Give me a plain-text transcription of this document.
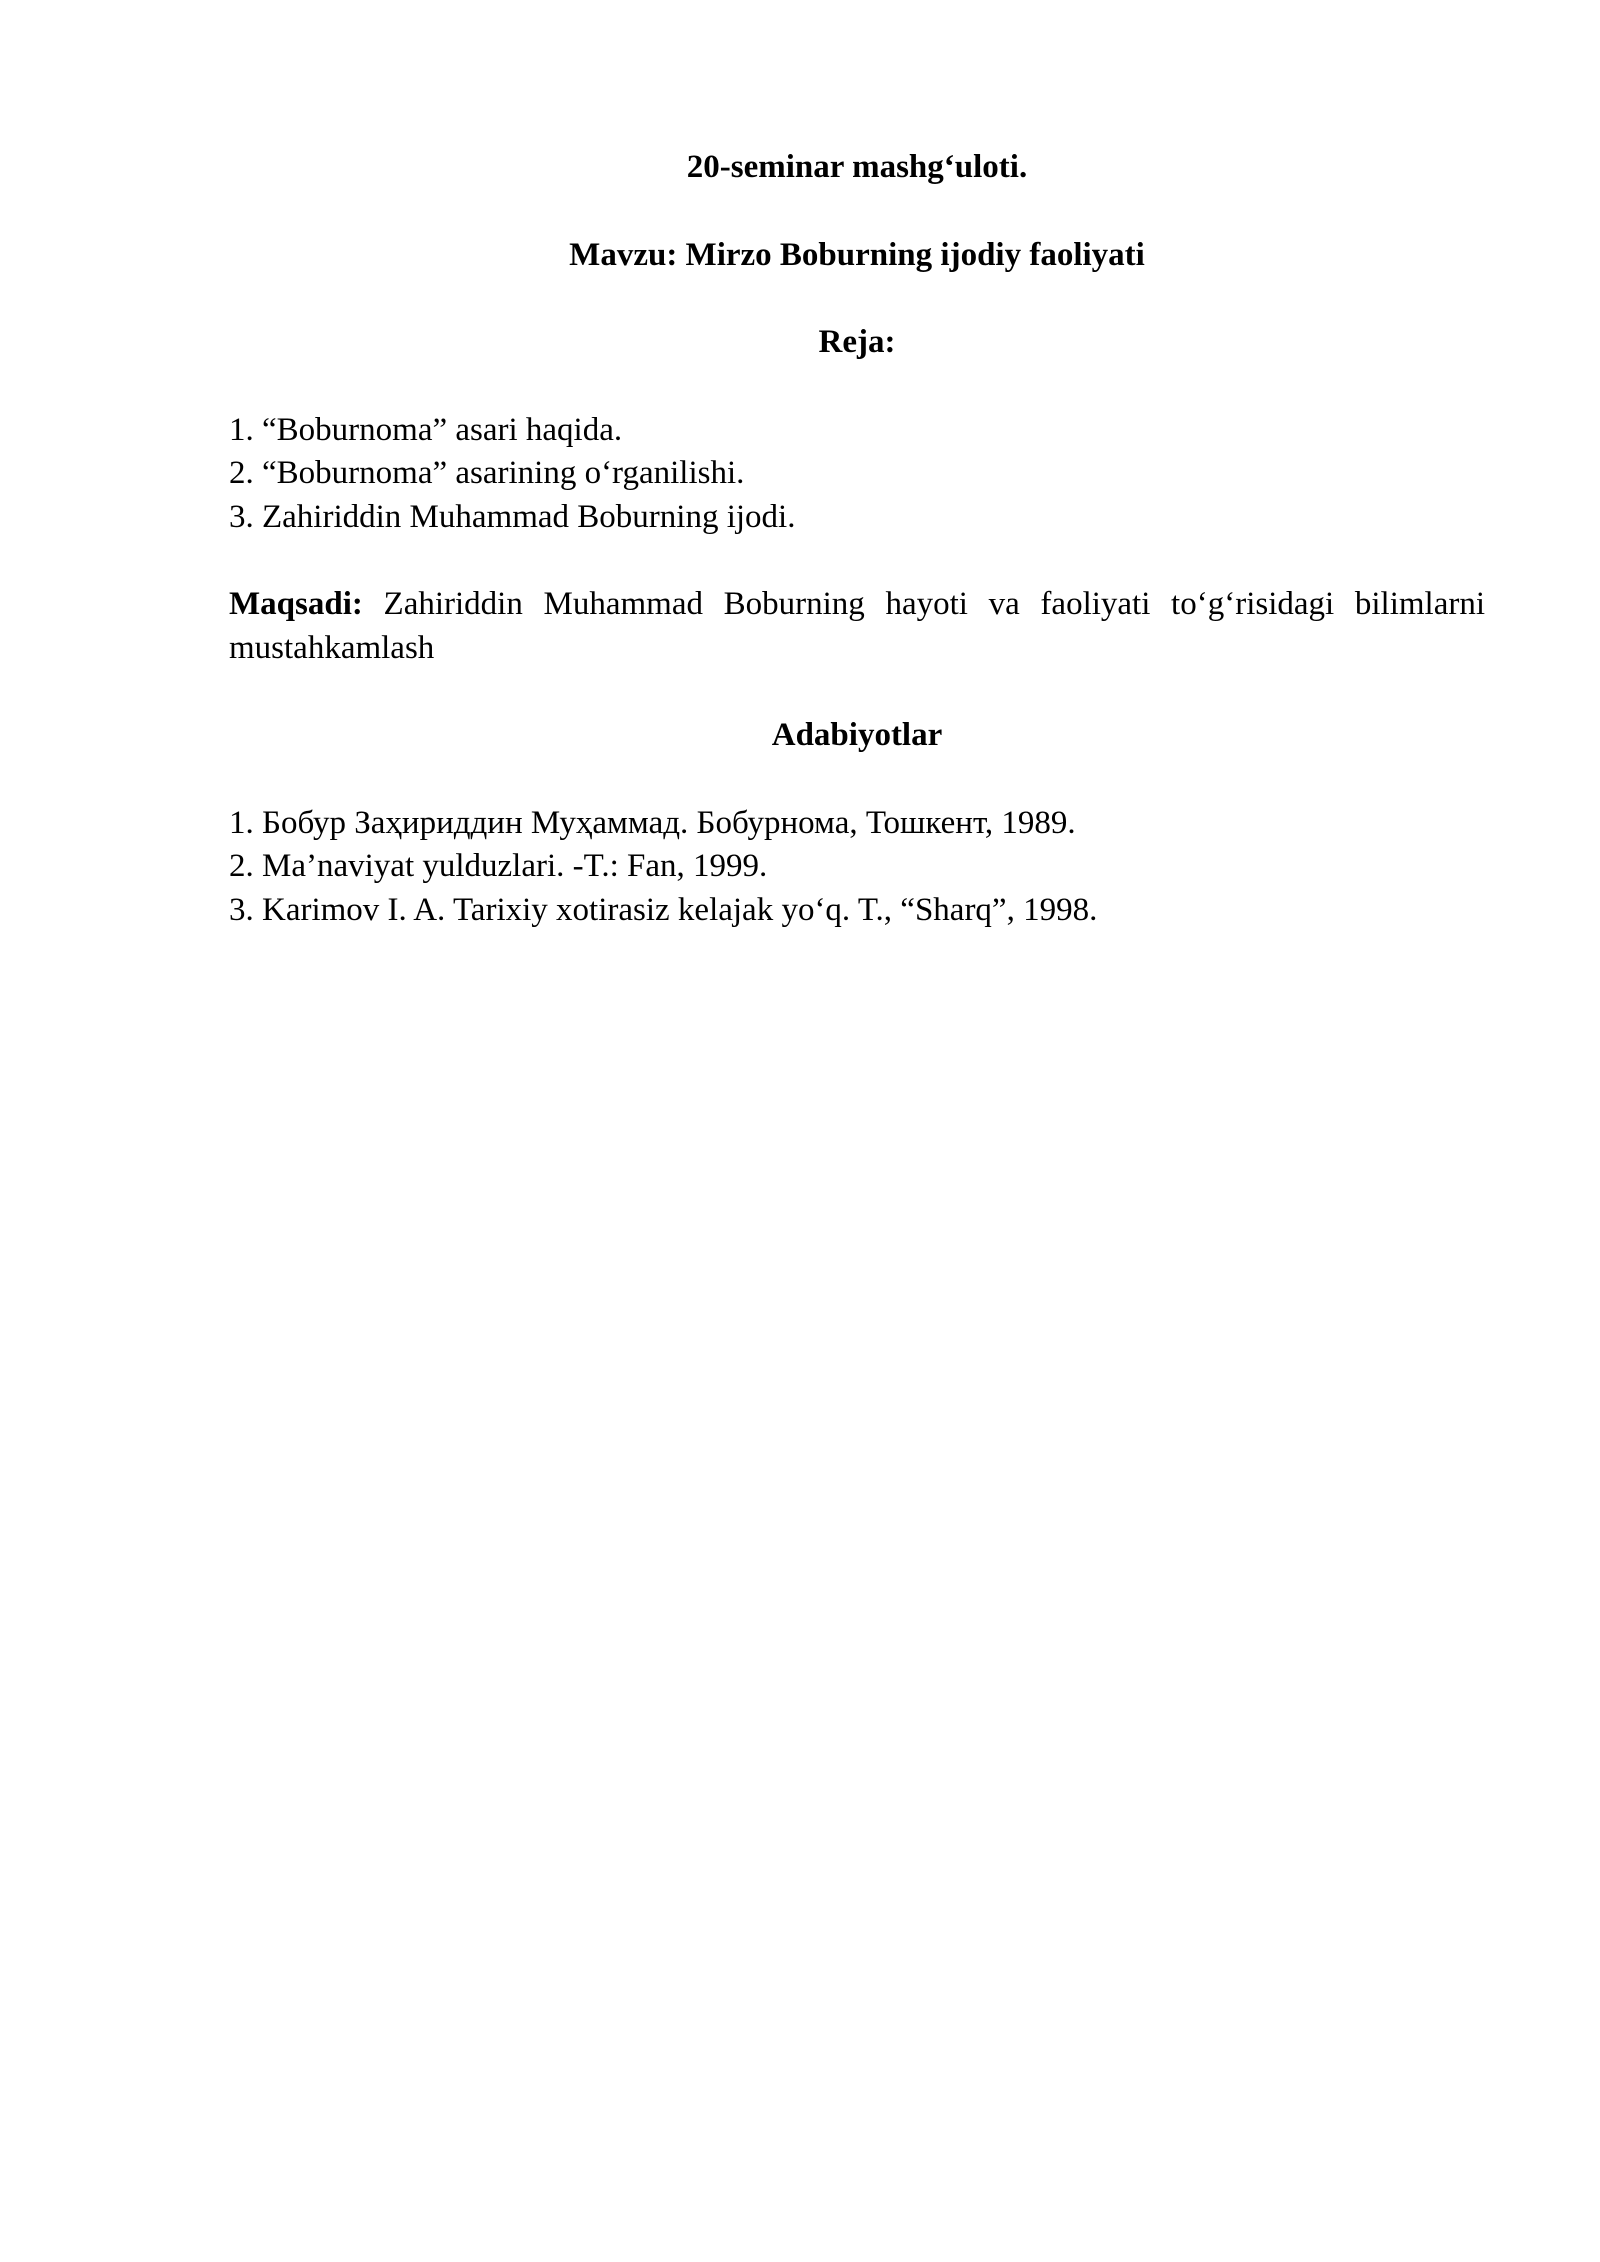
20-seminar mashg‘uloti.

Mavzu: Mirzo Boburning ijodiy faoliyati

Reja:

1. “Boburnoma” asari haqida.
2. “Boburnoma” asarining o‘rganilishi.
3. Zahiriddin Muhammad Boburning ijodi.

Maqsadi: Zahiriddin Muhammad Boburning hayoti va faoliyati to‘g‘risidagi bilimlarni mustahkamlash

Adabiyotlar

1. Бобур Заҳириддин Муҳаммад. Бобурнома, Тошкент, 1989.
2. Ma’naviyat yulduzlari. -T.: Fan, 1999.
3. Karimov I. A. Tarixiy xotirasiz kelajak yo‘q. T., “Sharq”, 1998.
